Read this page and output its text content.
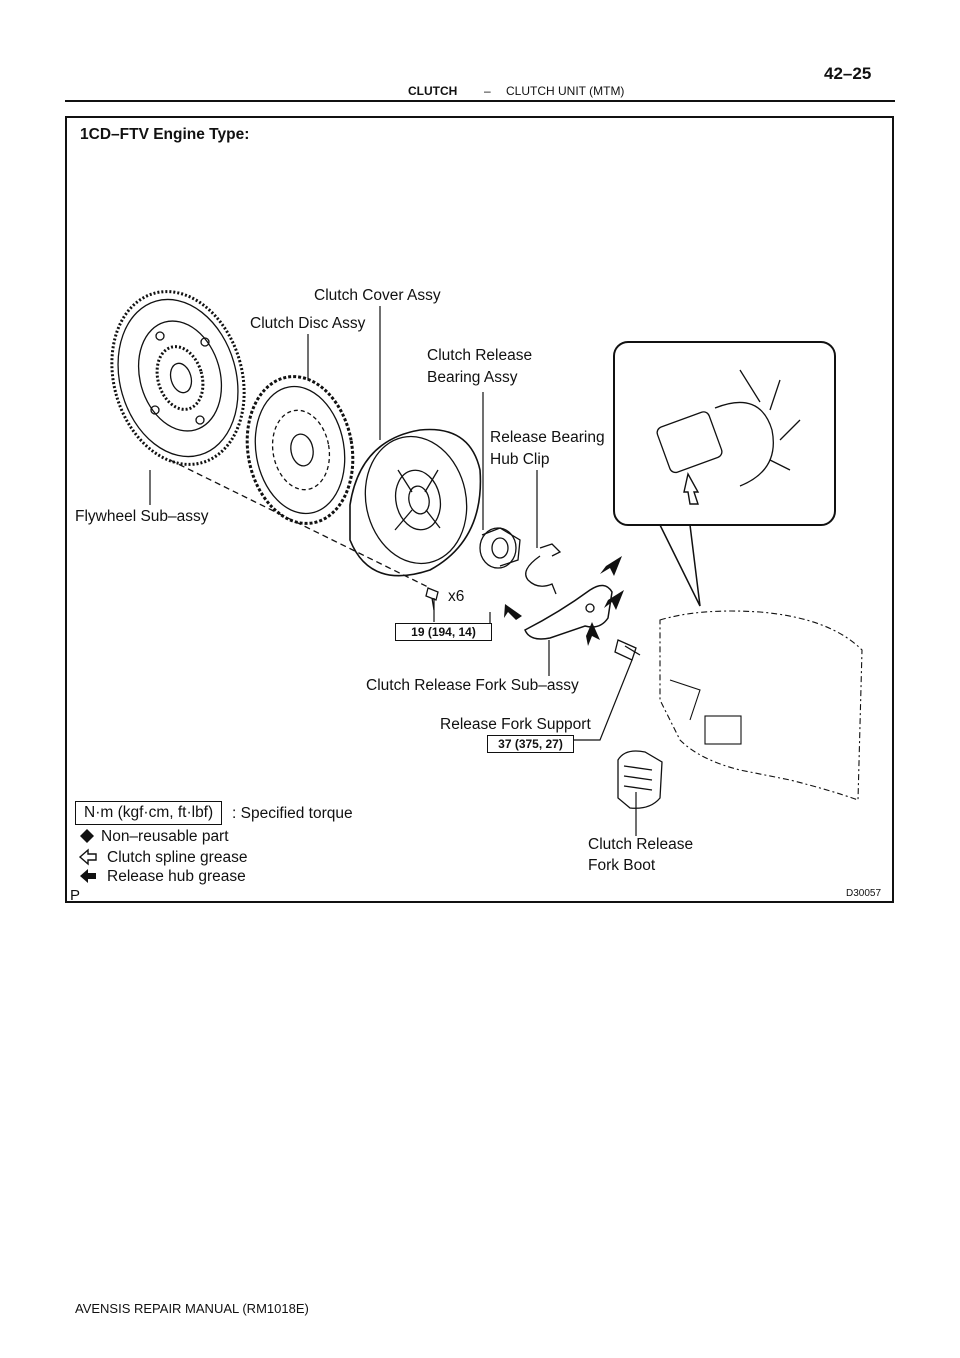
CLUTCH – CLUTCH UNIT (MTM)
42–25
1CD–FTV Engine Type:
Clutch Cover Assy
Clutch Disc Assy
Clutch Release
Bearing Assy
Release Bearing
Hub Clip
Flywheel Sub–assy
x6
19 (194, 14)
Clutch Release Fork Sub–assy
Release Fork Support
37 (375, 27)
Clutch Release
Fork Boot
N·m (kgf·cm, ft·lbf)	: Specified torque
Non–reusable part
Clutch spline grease
Release hub grease
P	D30057
AVENSIS REPAIR MANUAL (RM1018E)
